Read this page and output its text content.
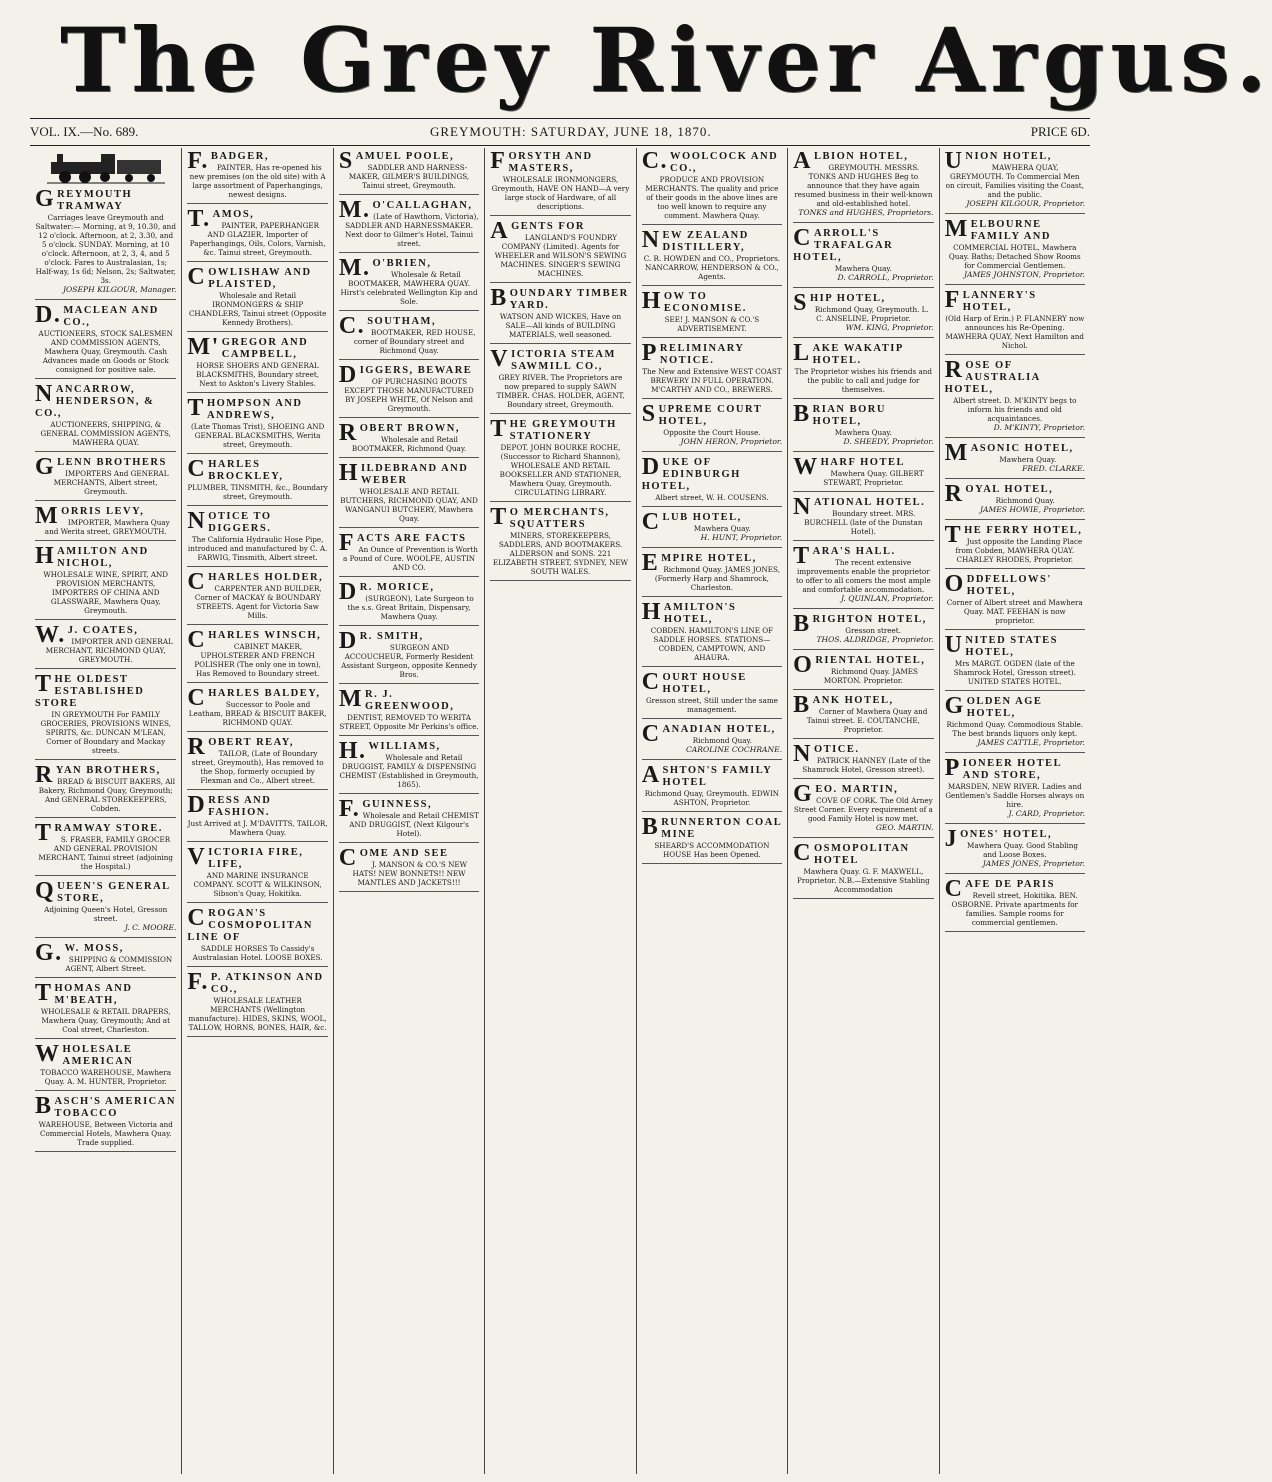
The Grey River Argus.
VOL. IX.—No. 689.	GREYMOUTH: SATURDAY, JUNE 18, 1870.	PRICE 6D.

GREYMOUTH TRAMWAY

Carriages leave Greymouth and Saltwater:— Morning, at 9, 10.30, and 12 o'clock. Afternoon, at 2, 3.30, and 5 o'clock. SUNDAY. Morning, at 10 o'clock. Afternoon, at 2, 3, 4, and 5 o'clock. Fares to Australasian, 1s; Half-way, 1s 6d; Nelson, 2s; Saltwater, 3s.

JOSEPH KILGOUR, Manager.

D.MACLEAN AND CO.,

AUCTIONEERS, STOCK SALESMEN AND COMMISSION AGENTS, Mawhera Quay, Greymouth. Cash Advances made on Goods or Stock consigned for positive sale.

NANCARROW, HENDERSON, & CO.,

AUCTIONEERS, SHIPPING, & GENERAL COMMISSION AGENTS, MAWHERA QUAY.

GLENN BROTHERS

IMPORTERS And GENERAL MERCHANTS, Albert street, Greymouth.

MORRIS LEVY,

IMPORTER, Mawhera Quay and Werita street, GREYMOUTH.

HAMILTON AND NICHOL,

WHOLESALE WINE, SPIRIT, AND PROVISION MERCHANTS, IMPORTERS OF CHINA AND GLASSWARE, Mawhera Quay, Greymouth.

W.J. COATES,

IMPORTER AND GENERAL MERCHANT, RICHMOND QUAY, GREYMOUTH.

THE OLDEST ESTABLISHED STORE

IN GREYMOUTH For FAMILY GROCERIES, PROVISIONS WINES, SPIRITS, &c. DUNCAN M'LEAN, Corner of Boundary and Mackay streets.

RYAN BROTHERS,

BREAD & BISCUIT BAKERS, All Bakery, Richmond Quay, Greymouth; And GENERAL STOREKEEPERS, Cobden.

TRAMWAY STORE.

S. FRASER, FAMILY GROCER AND GENERAL PROVISION MERCHANT, Tainui street (adjoining the Hospital.)

QUEEN'S GENERAL STORE,

Adjoining Queen's Hotel, Gresson street.

J. C. MOORE.

G.W. MOSS,

SHIPPING & COMMISSION AGENT, Albert Street.

THOMAS AND M'BEATH,

WHOLESALE & RETAIL DRAPERS, Mawhera Quay, Greymouth; And at Coal street, Charleston.

WHOLESALE AMERICAN

TOBACCO WAREHOUSE, Mawhera Quay. A. M. HUNTER, Proprietor.

BASCH'S AMERICAN TOBACCO

WAREHOUSE, Between Victoria and Commercial Hotels, Mawhera Quay. Trade supplied.

F.BADGER,

PAINTER, Has re-opened his new premises (on the old site) with A large assortment of Paperhangings, newest designs.

T.AMOS,

PAINTER, PAPERHANGER AND GLAZIER, Importer of Paperhangings, Oils, Colors, Varnish, &c. Tainui street, Greymouth.

COWLISHAW AND PLAISTED,

Wholesale and Retail IRONMONGERS & SHIP CHANDLERS, Tainui street (Opposite Kennedy Brothers).

M'GREGOR AND CAMPBELL,

HORSE SHOERS AND GENERAL BLACKSMITHS, Boundary street, Next to Askton's Livery Stables.

THOMPSON AND ANDREWS,

(Late Thomas Trist), SHOEING AND GENERAL BLACKSMITHS, Werita street, Greymouth.

CHARLES BROCKLEY,

PLUMBER, TINSMITH, &c., Boundary street, Greymouth.

NOTICE TO DIGGERS.

The California Hydraulic Hose Pipe, introduced and manufactured by C. A. FARWIG, Tinsmith, Albert street.

CHARLES HOLDER,

CARPENTER AND BUILDER, Corner of MACKAY & BOUNDARY STREETS. Agent for Victoria Saw Mills.

CHARLES WINSCH,

CABINET MAKER, UPHOLSTERER AND FRENCH POLISHER (The only one in town), Has Removed to Boundary street.

CHARLES BALDEY,

Successor to Poole and Leatham, BREAD & BISCUIT BAKER, RICHMOND QUAY.

ROBERT REAY,

TAILOR, (Late of Boundary street, Greymouth), Has removed to the Shop, formerly occupied by Flexman and Co., Albert street.

DRESS AND FASHION.

Just Arrived at J. M'DAVITTS, TAILOR, Mawhera Quay.

VICTORIA FIRE, LIFE,

AND MARINE INSURANCE COMPANY. SCOTT & WILKINSON, Sibson's Quay, Hokitika.

CROGAN'S COSMOPOLITAN LINE OF

SADDLE HORSES To Cassidy's Australasian Hotel. LOOSE BOXES.

F.P. ATKINSON AND CO.,

WHOLESALE LEATHER MERCHANTS (Wellington manufacture). HIDES, SKINS, WOOL, TALLOW, HORNS, BONES, HAIR, &c.

SAMUEL POOLE,

SADDLER AND HARNESS-MAKER, GILMER'S BUILDINGS, Tainui street, Greymouth.

M.O'CALLAGHAN,

(Late of Hawthorn, Victoria), SADDLER AND HARNESSMAKER. Next door to Gilmer's Hotel, Tainui street.

M.O'BRIEN,

Wholesale & Retail BOOTMAKER, MAWHERA QUAY. Hirst's celebrated Wellington Kip and Sole.

C.SOUTHAM,

BOOTMAKER, RED HOUSE, corner of Boundary street and Richmond Quay.

DIGGERS, BEWARE

OF PURCHASING BOOTS EXCEPT THOSE MANUFACTURED BY JOSEPH WHITE, Of Nelson and Greymouth.

ROBERT BROWN,

Wholesale and Retail BOOTMAKER, Richmond Quay.

HILDEBRAND AND WEBER

WHOLESALE AND RETAIL BUTCHERS, RICHMOND QUAY, AND WANGANUI BUTCHERY, Mawhera Quay.

FACTS ARE FACTS

An Ounce of Prevention is Worth a Pound of Cure. WOOLFE, AUSTIN AND CO.

DR. MORICE,

(SURGEON), Late Surgeon to the s.s. Great Britain, Dispensary, Mawhera Quay.

DR. SMITH,

SURGEON AND ACCOUCHEUR, Formerly Resident Assistant Surgeon, opposite Kennedy Bros.

MR. J. GREENWOOD,

DENTIST, REMOVED TO WERITA STREET, Opposite Mr Perkins's office.

H.WILLIAMS,

Wholesale and Retail DRUGGIST, FAMILY & DISPENSING CHEMIST (Established in Greymouth, 1865).

F.GUINNESS,

Wholesale and Retail CHEMIST AND DRUGGIST, (Next Kilgour's Hotel).

COME AND SEE

J. MANSON & CO.'S NEW HATS! NEW BONNETS!! NEW MANTLES AND JACKETS!!!

FORSYTH AND MASTERS,

WHOLESALE IRONMONGERS, Greymouth, HAVE ON HAND—A very large stock of Hardware, of all descriptions.

AGENTS FOR

LANGLAND'S FOUNDRY COMPANY (Limited). Agents for WHEELER and WILSON'S SEWING MACHINES. SINGER'S SEWING MACHINES.

BOUNDARY TIMBER YARD.

WATSON AND WICKES, Have on SALE—All kinds of BUILDING MATERIALS, well seasoned.

VICTORIA STEAM SAWMILL CO.,

GREY RIVER. The Proprietors are now prepared to supply SAWN TIMBER. CHAS. HOLDER, AGENT, Boundary street, Greymouth.

THE GREYMOUTH STATIONERY

DEPOT. JOHN BOURKE ROCHE, (Successor to Richard Shannon), WHOLESALE AND RETAIL BOOKSELLER AND STATIONER, Mawhera Quay, Greymouth. CIRCULATING LIBRARY.

TO MERCHANTS, SQUATTERS

MINERS, STOREKEEPERS, SADDLERS, AND BOOTMAKERS. ALDERSON and SONS. 221 ELIZABETH STREET, SYDNEY, NEW SOUTH WALES.

C.WOOLCOCK AND CO.,

PRODUCE AND PROVISION MERCHANTS. The quality and price of their goods in the above lines are too well known to require any comment. Mawhera Quay.

NEW ZEALAND DISTILLERY,

C. R. HOWDEN and CO., Proprietors. NANCARROW, HENDERSON & CO., Agents.

HOW TO ECONOMISE.

SEE! J. MANSON & CO.'S ADVERTISEMENT.

PRELIMINARY NOTICE.

The New and Extensive WEST COAST BREWERY IN FULL OPERATION. M'CARTHY AND CO., BREWERS.

SUPREME COURT HOTEL,

Opposite the Court House.

JOHN HERON, Proprietor.

DUKE OF EDINBURGH HOTEL,

Albert street, W. H. COUSENS.

CLUB HOTEL,

Mawhera Quay.

H. HUNT, Proprietor.

EMPIRE HOTEL,

Richmond Quay. JAMES JONES, (Formerly Harp and Shamrock, Charleston.

HAMILTON'S HOTEL,

COBDEN. HAMILTON'S LINE OF SADDLE HORSES. STATIONS—COBDEN, CAMPTOWN, AND AHAURA.

COURT HOUSE HOTEL,

Gresson street, Still under the same management.

CANADIAN HOTEL,

Richmond Quay.

CAROLINE COCHRANE.

ASHTON'S FAMILY HOTEL

Richmond Quay, Greymouth. EDWIN ASHTON, Proprietor.

BRUNNERTON COAL MINE

SHEARD'S ACCOMMODATION HOUSE Has been Opened.

ALBION HOTEL,

GREYMOUTH. MESSRS. TONKS AND HUGHES Beg to announce that they have again resumed business in their well-known and old-established hotel.

TONKS and HUGHES, Proprietors.

CARROLL'S TRAFALGAR HOTEL,

Mawhera Quay.

D. CARROLL, Proprietor.

SHIP HOTEL,

Richmond Quay, Greymouth. L. C. ANSELINE, Proprietor.

WM. KING, Proprietor.

LAKE WAKATIP HOTEL.

The Proprietor wishes his friends and the public to call and judge for themselves.

BRIAN BORU HOTEL,

Mawhera Quay.

D. SHEEDY, Proprietor.

WHARF HOTEL

Mawhera Quay. GILBERT STEWART, Proprietor.

NATIONAL HOTEL.

Boundary street. MRS. BURCHELL (late of the Dunstan Hotel).

TARA'S HALL.

The recent extensive improvements enable the proprietor to offer to all comers the most ample and comfortable accommodation.

J. QUINLAN, Proprietor.

BRIGHTON HOTEL,

Gresson street.

THOS. ALDRIDGE, Proprietor.

ORIENTAL HOTEL,

Richmond Quay. JAMES MORTON. Proprietor.

BANK HOTEL,

Corner of Mawhera Quay and Tainui street. E. COUTANCHE, Proprietor.

NOTICE.

PATRICK HANNEY (Late of the Shamrock Hotel, Gresson street).

GEO. MARTIN,

COVE OF CORK. The Old Arney Street Corner. Every requirement of a good Family Hotel is now met.

GEO. MARTIN.

COSMOPOLITAN HOTEL

Mawhera Quay. G. F. MAXWELL, Proprietor. N.B.—Extensive Stabling Accommodation

UNION HOTEL,

MAWHERA QUAY, GREYMOUTH. To Commercial Men on circuit, Families visiting the Coast, and the public.

JOSEPH KILGOUR, Proprietor.

MELBOURNE FAMILY AND

COMMERCIAL HOTEL, Mawhera Quay. Baths; Detached Show Rooms for Commercial Gentlemen.

JAMES JOHNSTON, Proprietor.

FLANNERY'S HOTEL,

(Old Harp of Erin.) P. FLANNERY now announces his Re-Opening. MAWHERA QUAY, Next Hamilton and Nichol.

ROSE OF AUSTRALIA HOTEL,

Albert street. D. M'KINTY begs to inform his friends and old acquaintances.

D. M'KINTY, Proprietor.

MASONIC HOTEL,

Mawhera Quay.

FRED. CLARKE.

ROYAL HOTEL,

Richmond Quay.

JAMES HOWIE, Proprietor.

THE FERRY HOTEL,

Just opposite the Landing Place from Cobden, MAWHERA QUAY. CHARLEY RHODES, Proprietor.

ODDFELLOWS' HOTEL,

Corner of Albert street and Mawhera Quay. MAT. FEEHAN is now proprietor.

UNITED STATES HOTEL,

Mrs MARGT. OGDEN (late of the Shamrock Hotel, Gresson street). UNITED STATES HOTEL.

GOLDEN AGE HOTEL,

Richmond Quay. Commodious Stable. The best brands liquors only kept.

JAMES CATTLE, Proprietor.

PIONEER HOTEL AND STORE,

MARSDEN, NEW RIVER. Ladies and Gentlemen's Saddle Horses always on hire.

J. CARD, Proprietor.

JONES' HOTEL,

Mawhera Quay. Good Stabling and Loose Boxes.

JAMES JONES, Proprietor.

CAFE DE PARIS

Revell street, Hokitika. BEN. OSBORNE. Private apartments for families. Sample rooms for commercial gentlemen.
